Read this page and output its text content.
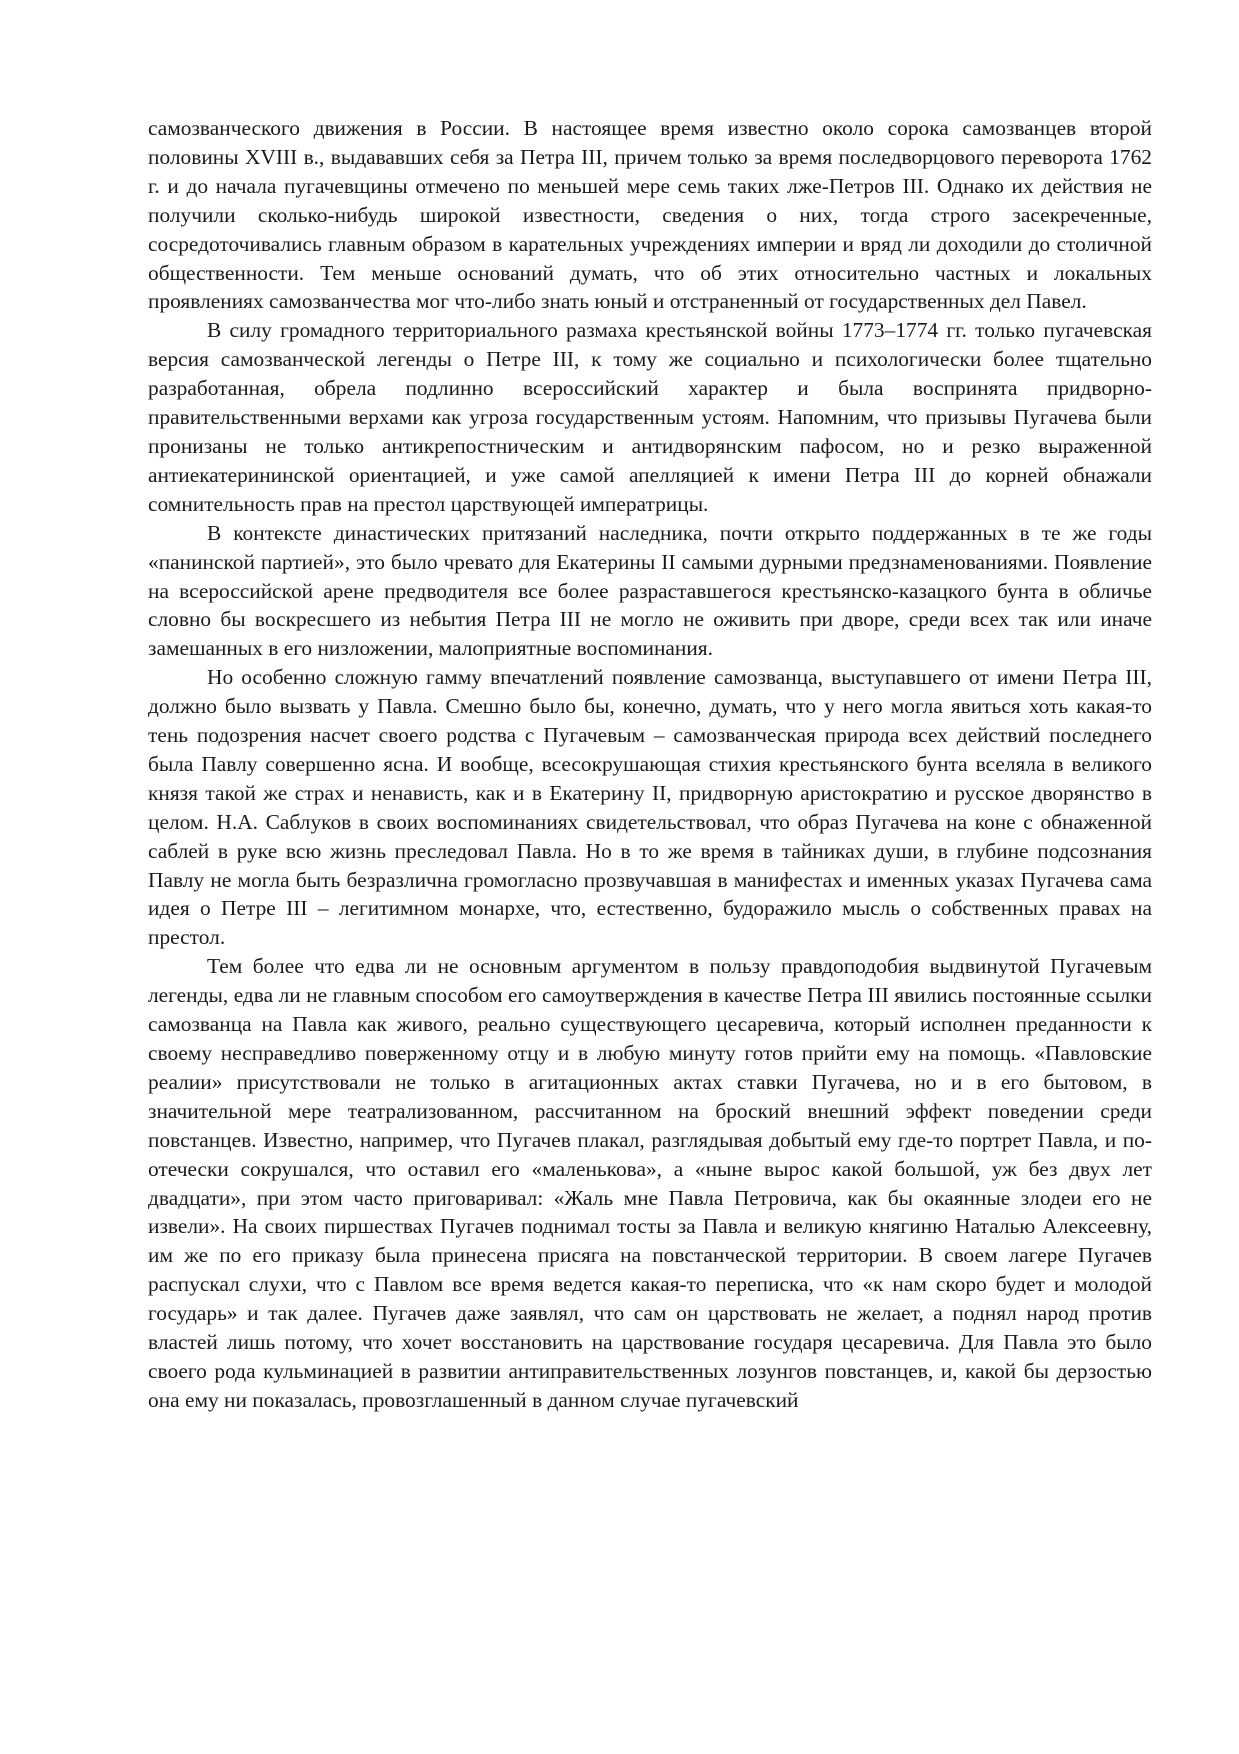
самозванческого движения в России. В настоящее время известно около сорока самозванцев второй половины XVIII в., выдававших себя за Петра III, причем только за время последворцового переворота 1762 г. и до начала пугачевщины отмечено по меньшей мере семь таких лже-Петров III. Однако их действия не получили сколько-нибудь широкой известности, сведения о них, тогда строго засекреченные, сосредоточивались главным образом в карательных учреждениях империи и вряд ли доходили до столичной общественности. Тем меньше оснований думать, что об этих относительно частных и локальных проявлениях самозванчества мог что-либо знать юный и отстраненный от государственных дел Павел.

В силу громадного территориального размаха крестьянской войны 1773–1774 гг. только пугачевская версия самозванческой легенды о Петре III, к тому же социально и психологически более тщательно разработанная, обрела подлинно всероссийский характер и была воспринята придворно-правительственными верхами как угроза государственным устоям. Напомним, что призывы Пугачева были пронизаны не только антикрепостническим и антидворянским пафосом, но и резко выраженной антиекатерининской ориентацией, и уже самой апелляцией к имени Петра III до корней обнажали сомнительность прав на престол царствующей императрицы.

В контексте династических притязаний наследника, почти открыто поддержанных в те же годы «панинской партией», это было чревато для Екатерины II самыми дурными предзнаменованиями. Появление на всероссийской арене предводителя все более разраставшегося крестьянско-казацкого бунта в обличье словно бы воскресшего из небытия Петра III не могло не оживить при дворе, среди всех так или иначе замешанных в его низложении, малоприятные воспоминания.

Но особенно сложную гамму впечатлений появление самозванца, выступавшего от имени Петра III, должно было вызвать у Павла. Смешно было бы, конечно, думать, что у него могла явиться хоть какая-то тень подозрения насчет своего родства с Пугачевым – самозванческая природа всех действий последнего была Павлу совершенно ясна. И вообще, всесокрушающая стихия крестьянского бунта вселяла в великого князя такой же страх и ненависть, как и в Екатерину II, придворную аристократию и русское дворянство в целом. Н.А. Саблуков в своих воспоминаниях свидетельствовал, что образ Пугачева на коне с обнаженной саблей в руке всю жизнь преследовал Павла. Но в то же время в тайниках души, в глубине подсознания Павлу не могла быть безразлична громогласно прозвучавшая в манифестах и именных указах Пугачева сама идея о Петре III – легитимном монархе, что, естественно, будоражило мысль о собственных правах на престол.

Тем более что едва ли не основным аргументом в пользу правдоподобия выдвинутой Пугачевым легенды, едва ли не главным способом его самоутверждения в качестве Петра III явились постоянные ссылки самозванца на Павла как живого, реально существующего цесаревича, который исполнен преданности к своему несправедливо поверженному отцу и в любую минуту готов прийти ему на помощь. «Павловские реалии» присутствовали не только в агитационных актах ставки Пугачева, но и в его бытовом, в значительной мере театрализованном, рассчитанном на броский внешний эффект поведении среди повстанцев. Известно, например, что Пугачев плакал, разглядывая добытый ему где-то портрет Павла, и по-отечески сокрушался, что оставил его «маленькова», а «ныне вырос какой большой, уж без двух лет двадцати», при этом часто приговаривал: «Жаль мне Павла Петровича, как бы окаянные злодеи его не извели». На своих пиршествах Пугачев поднимал тосты за Павла и великую княгиню Наталью Алексеевну, им же по его приказу была принесена присяга на повстанческой территории. В своем лагере Пугачев распускал слухи, что с Павлом все время ведется какая-то переписка, что «к нам скоро будет и молодой государь» и так далее. Пугачев даже заявлял, что сам он царствовать не желает, а поднял народ против властей лишь потому, что хочет восстановить на царствование государя цесаревича. Для Павла это было своего рода кульминацией в развитии антиправительственных лозунгов повстанцев, и, какой бы дерзостью она ему ни показалась, провозглашенный в данном случае пугачевский
